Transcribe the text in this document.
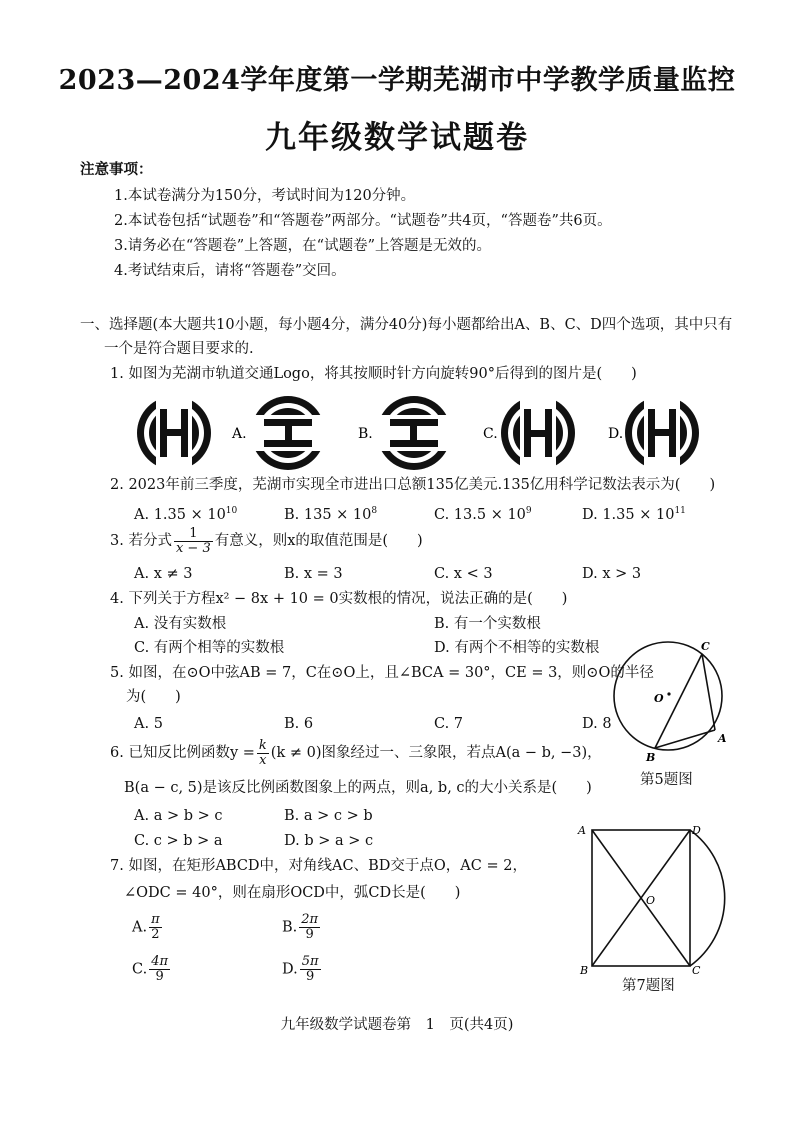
2023—2024学年度第一学期芜湖市中学教学质量监控
九年级数学试题卷
注意事项：
1.本试卷满分为150分，考试时间为120分钟。
2.本试卷包括“试题卷”和“答题卷”两部分。“试题卷”共4页，“答题卷”共6页。
3.请务必在“答题卷”上答题，在“试题卷”上答题是无效的。
4.考试结束后，请将“答题卷”交回。
一、选择题(本大题共10小题，每小题4分，满分40分)每小题都给出A、B、C、D四个选项，其中只有
一个是符合题目要求的.
1. 如图为芜湖市轨道交通Logo，将其按顺时针方向旋转90°后得到的图片是(　　)
A.	B.	C.	D.
2. 2023年前三季度，芜湖市实现全市进出口总额135亿美元.135亿用科学记数法表示为(　　)
A. $1.35 \times 10^{10}$	B. $135 \times 10^8$	C. $13.5 \times 10^9$	D. $1.35 \times 10^{11}$
3. 若分式 $\frac{1}{x - 3}$ 有意义，则x的取值范围是(　　)
A. x ≠ 3	B. x = 3	C. x < 3	D. x > 3
4. 下列关于方程x² − 8x + 10 = 0实数根的情况，说法正确的是(　　)
A. 没有实数根	B. 有一个实数根
C. 有两个相等的实数根	D. 有两个不相等的实数根
5. 如图，在⊙O中弦AB = 7，C在⊙O上，且∠BCA = 30°，CE = 3，则⊙O的半径
为(　　)
A. 5	B. 6	C. 7	D. 8
C
O
A
B
第5题图
6. 已知反比例函数$y = \frac{k}{x} (k \ne 0)$图象经过一、三象限，若点A(a − b, −3)，
B(a − c, 5)是该反比例函数图象上的两点，则a, b, c的大小关系是(　　)
A. a > b > c	B. a > c > b
C. c > b > a	D. b > a > c
7. 如图，在矩形ABCD中，对角线AC、BD交于点O，AC = 2，
∠ODC = 40°，则在扇形OCD中，弧CD长是(　　)
A. $\frac{\pi}{2}$	B. $\frac{2\pi}{9}$
C. $\frac{4\pi}{9}$	D. $\frac{5\pi}{9}$
A	D
O
B	C
第7题图
九年级数学试题卷第　1　页(共4页)
